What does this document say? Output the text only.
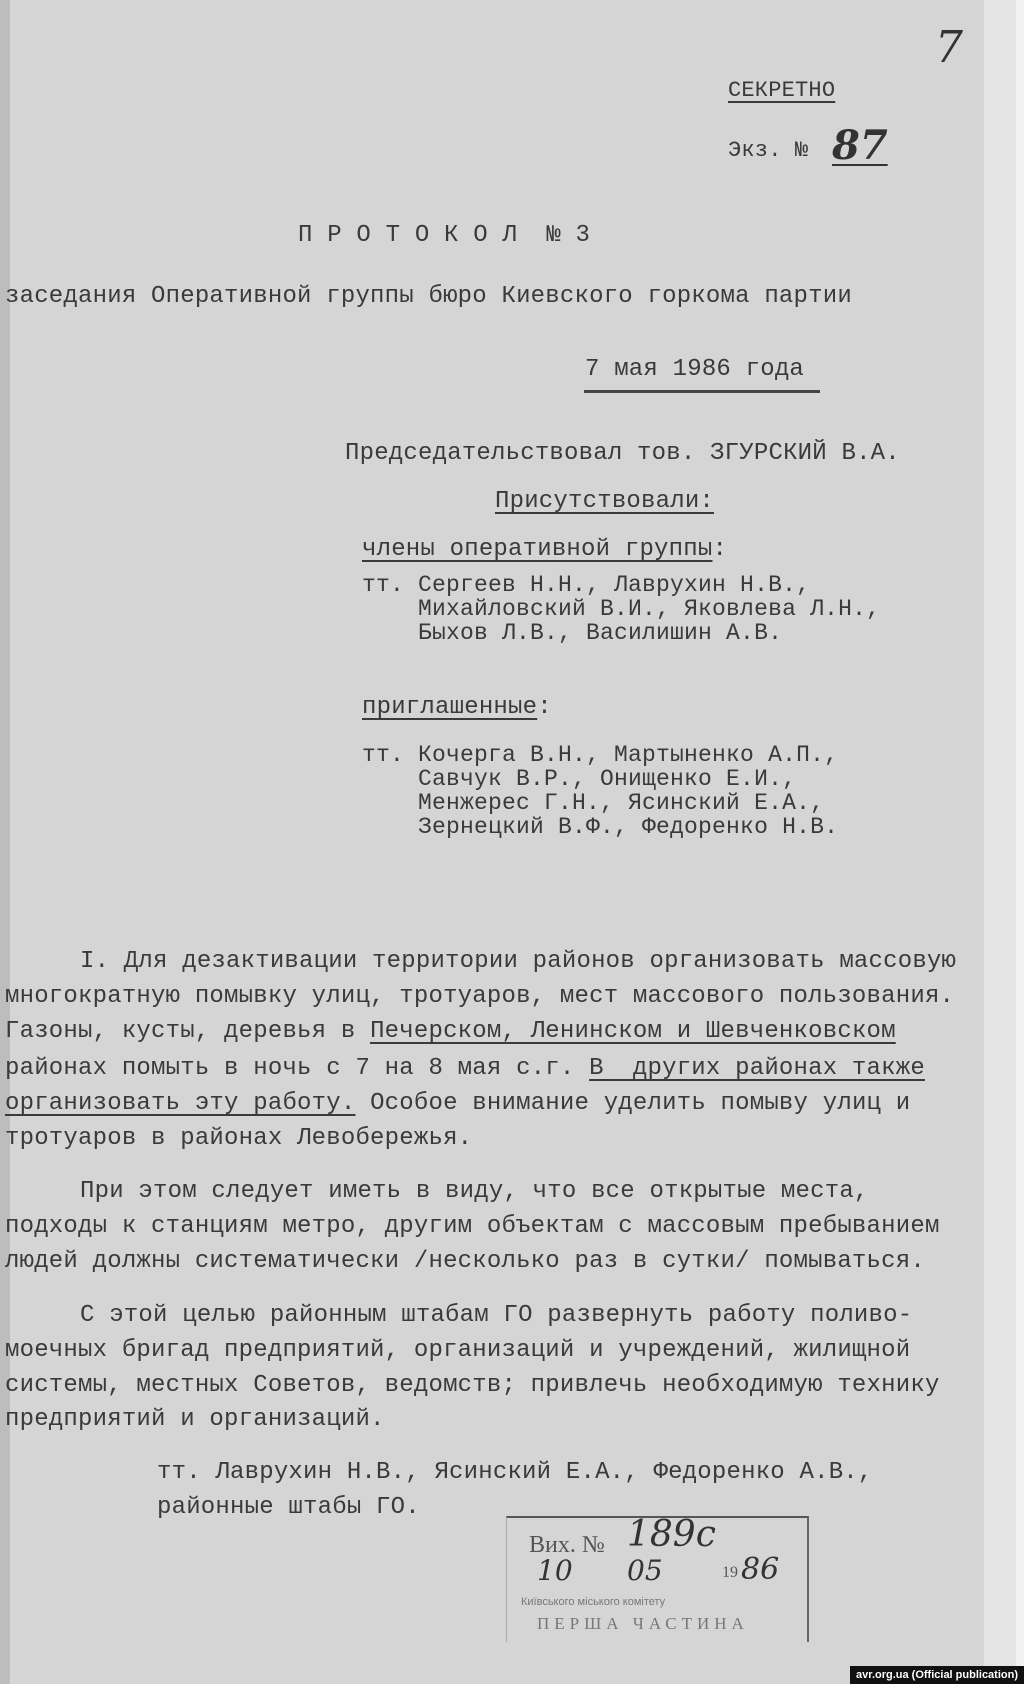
7
СЕКРЕТНО
Экз. № 87
П Р О Т О К О Л  № 3
заседания Оперативной группы бюро Киевского горкома партии
7 мая 1986 года
Председательствовал тов. ЗГУРСКИЙ В.А.
Присутствовали:
члены оперативной группы:
тт. Сергеев Н.Н., Лаврухин Н.В.,
Михайловский В.И., Яковлева Л.Н.,
Быхов Л.В., Василишин А.В.
приглашенные:
тт. Кочерга В.Н., Мартыненко А.П.,
Савчук В.Р., Онищенко Е.И.,
Менжерес Г.Н., Ясинский Е.А.,
Зернецкий В.Ф., Федоренко Н.В.
I. Для дезактивации территории районов организовать массовую
многократную помывку улиц, тротуаров, мест массового пользования.
Газоны, кусты, деревья в Печерском, Ленинском и Шевченковском
районах помыть в ночь с 7 на 8 мая с.г. В  других районах также
организовать эту работу. Особое внимание уделить помыву улиц и
тротуаров в районах Левобережья.
При этом следует иметь в виду, что все открытые места,
подходы к станциям метро, другим объектам с массовым пребыванием
людей должны систематически /несколько раз в сутки/ помываться.
С этой целью районным штабам ГО развернуть работу поливо-
моечных бригад предприятий, организаций и учреждений, жилищной
системы, местных Советов, ведомств; привлечь необходимую технику
предприятий и организаций.
тт. Лаврухин Н.В., Ясинский Е.А., Федоренко А.В.,
районные штабы ГО.
Вих. № 189с
10 05	19 86
Київського міського комітету
ПЕРША ЧАСТИНА
avr.org.ua (Official publication)
